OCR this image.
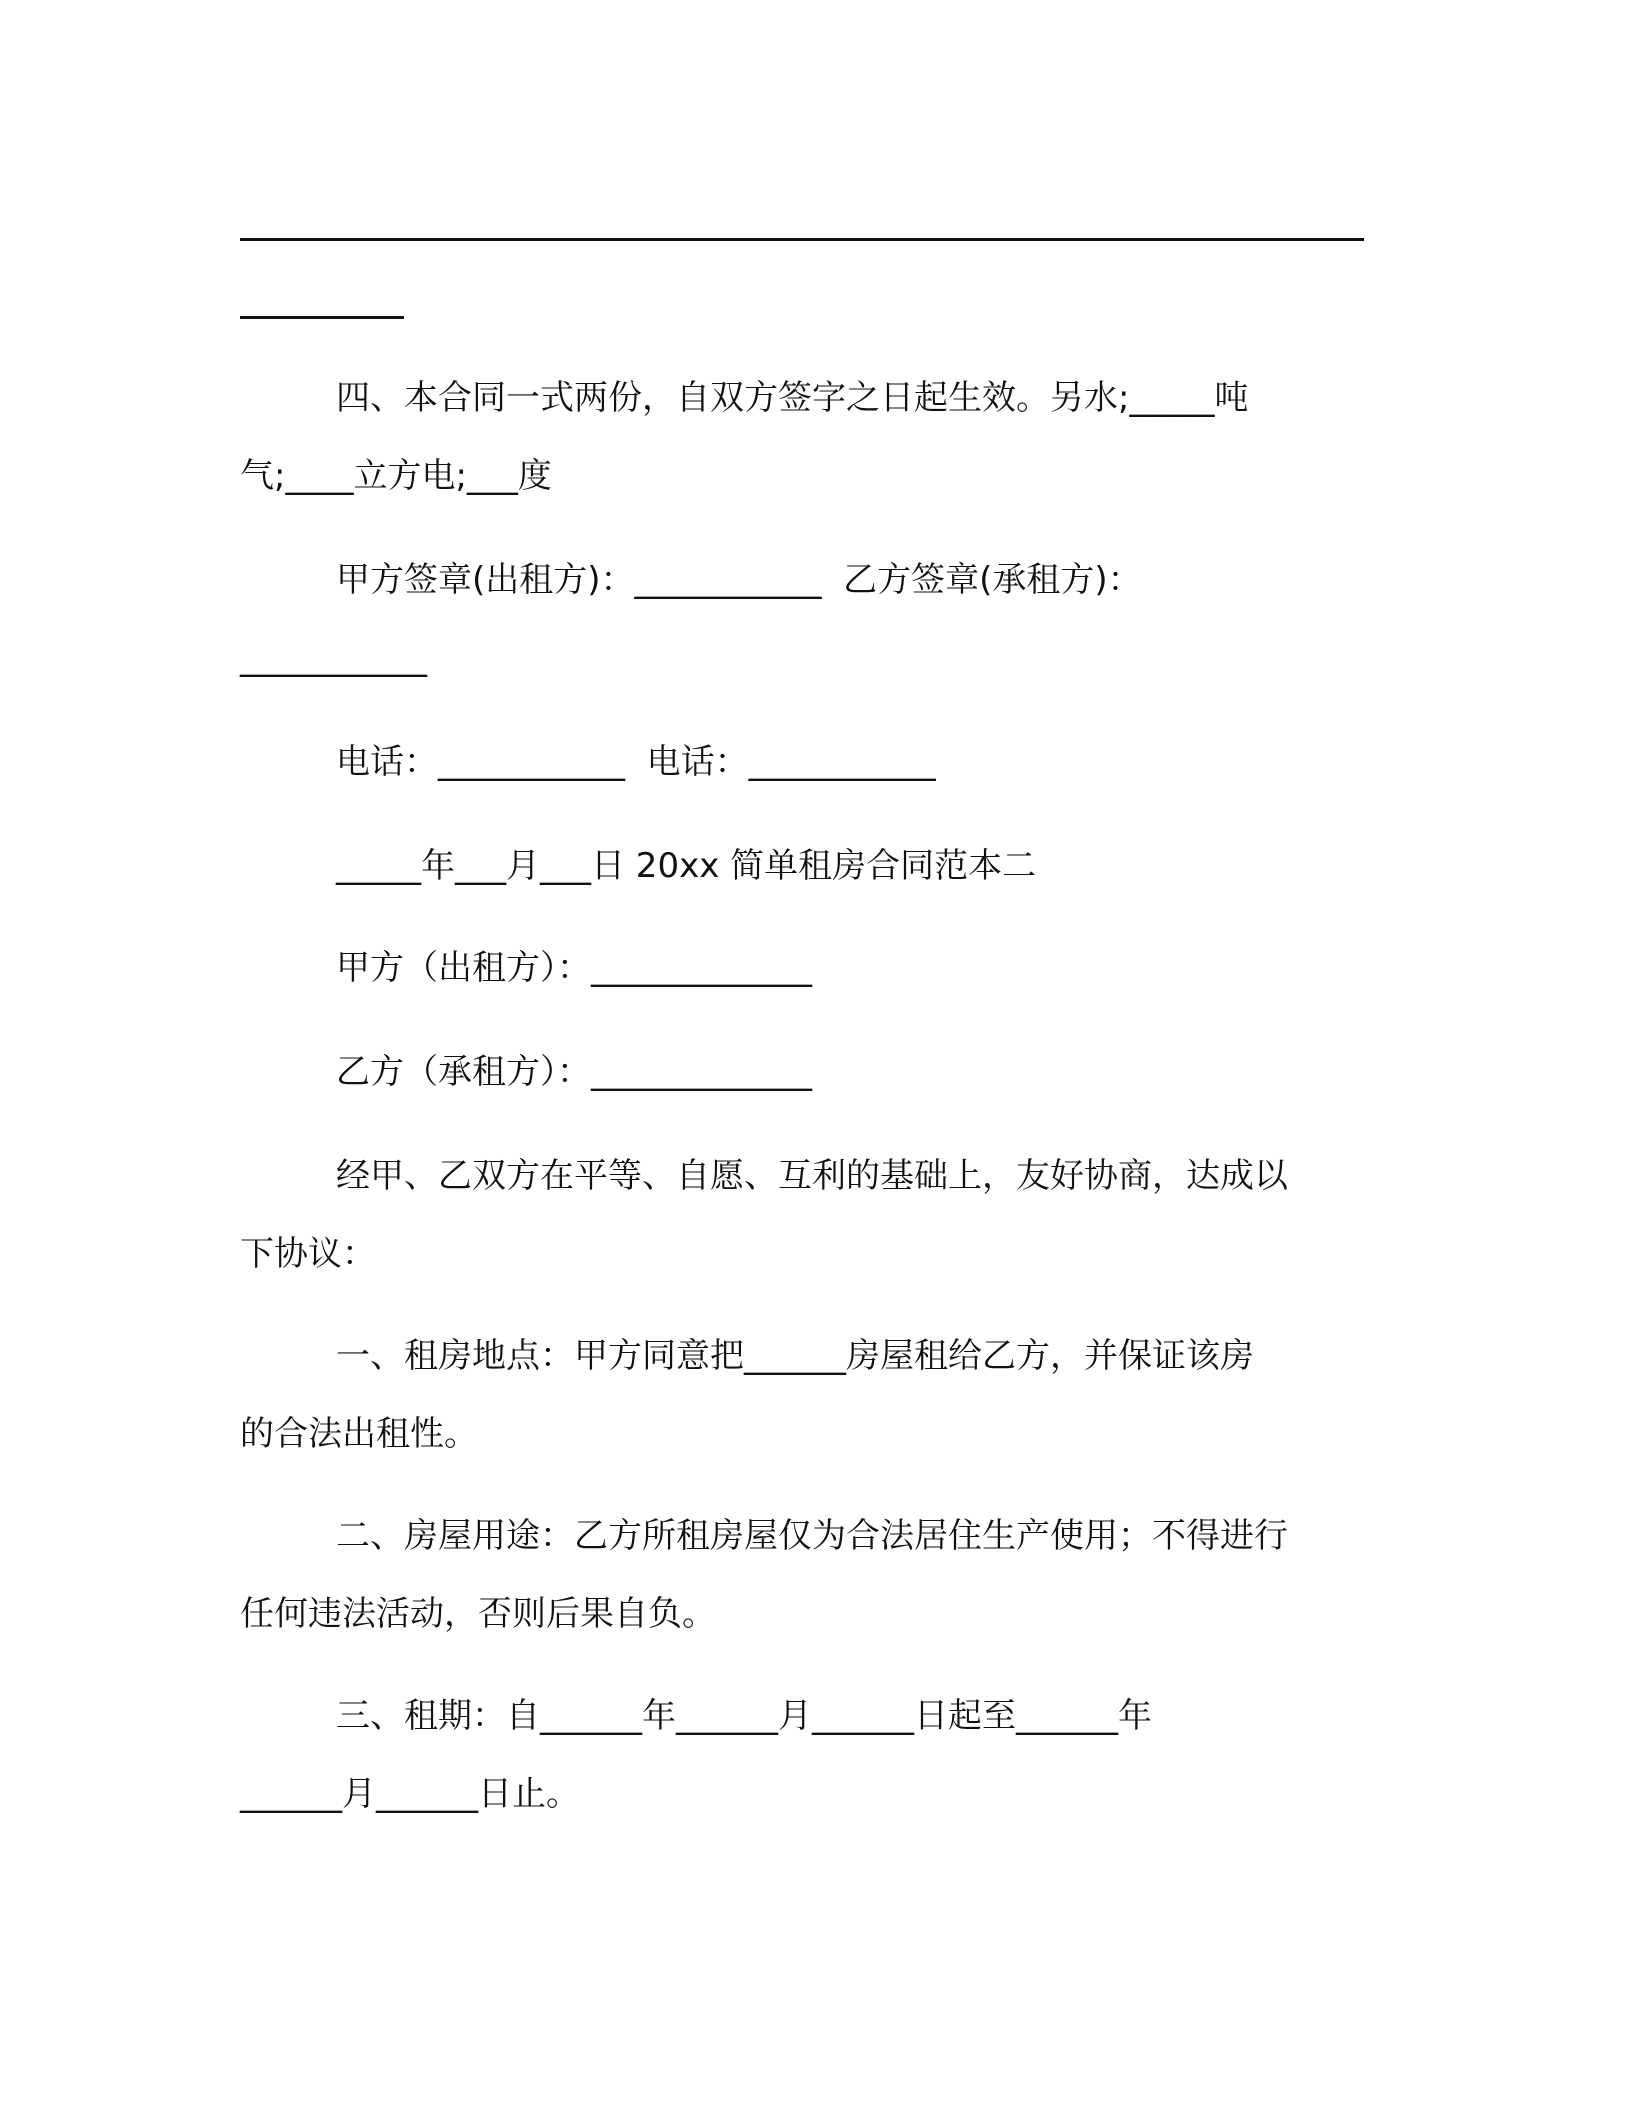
四、本合同一式两份，自双方签字之日起生效。另水;_____吨
气;____立方电;___度
甲方签章(出租方)：___________  乙方签章(承租方)：
___________
电话：___________  电话：___________
_____年___月___日 20xx 简单租房合同范本二
甲方（出租方）：_____________
乙方（承租方）：_____________
经甲、乙双方在平等、自愿、互利的基础上，友好协商，达成以
下协议：
一、租房地点：甲方同意把______房屋租给乙方，并保证该房
的合法出租性。
二、房屋用途：乙方所租房屋仅为合法居住生产使用；不得进行
任何违法活动，否则后果自负。
三、租期：自______年______月______日起至______年
______月______日止。
